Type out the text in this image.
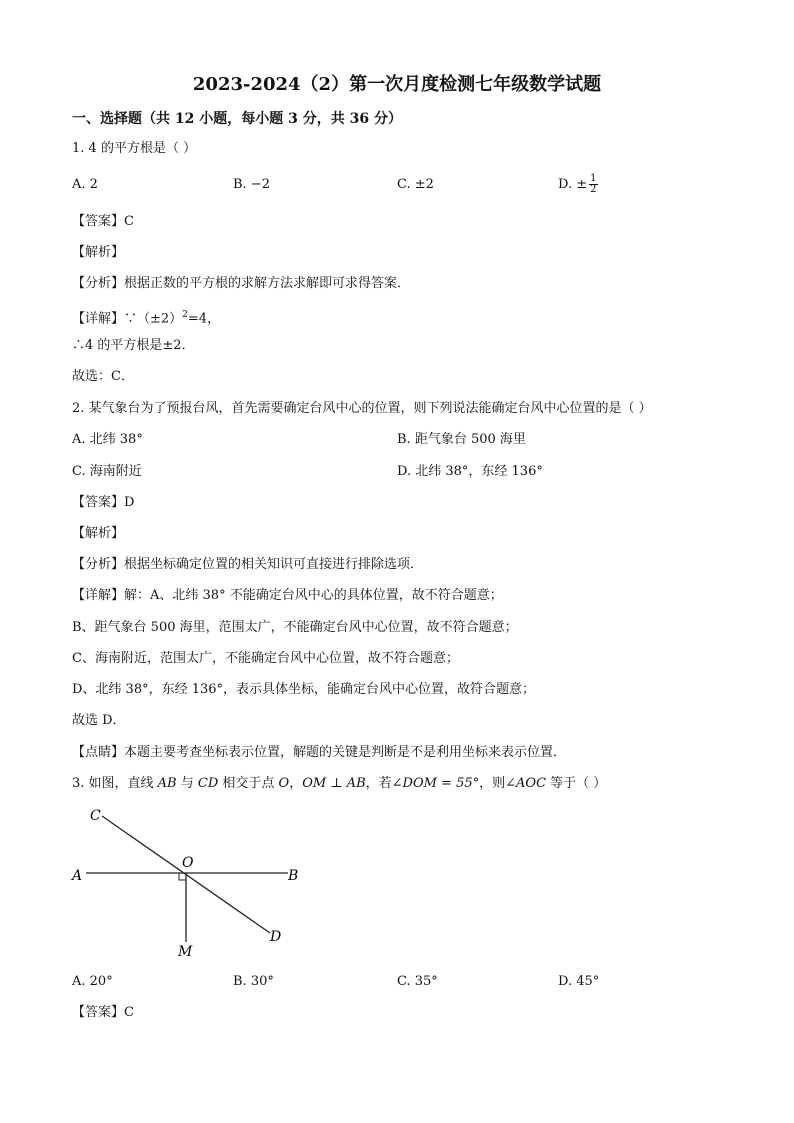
2023-2024（2）第一次月度检测七年级数学试题
一、选择题（共 12 小题，每小题 3 分，共 36 分）
1. 4 的平方根是（ ）
A. 2	B. −2	C. ±2	D. ± $\frac{1}{2}$
【答案】C
【解析】
【分析】根据正数的平方根的求解方法求解即可求得答案．
【详解】$\because(\pm 2)^2=4$，
∴4 的平方根是±2．
故选：C．
2. 某气象台为了预报台风，首先需要确定台风中心的位置，则下列说法能确定台风中心位置的是（ ）
A. 北纬 38°	B. 距气象台 500 海里
C. 海南附近	D. 北纬 38°，东经 136°
【答案】D
【解析】
【分析】根据坐标确定位置的相关知识可直接进行排除选项．
【详解】解：A、北纬 38° 不能确定台风中心的具体位置，故不符合题意；
B、距气象台 500 海里，范围太广，不能确定台风中心位置，故不符合题意；
C、海南附近，范围太广，不能确定台风中心位置，故不符合题意；
D、北纬 38°，东经 136°，表示具体坐标，能确定台风中心位置，故符合题意；
故选 D．
【点睛】本题主要考查坐标表示位置，解题的关键是判断是不是利用坐标来表示位置．
3. 如图，直线 AB 与 CD 相交于点 O，OM ⊥ AB，若∠DOM = 55°，则∠AOC 等于（ ）
C
A
O
B
D
M
A. 20°	B. 30°	C. 35°	D. 45°
【答案】C
